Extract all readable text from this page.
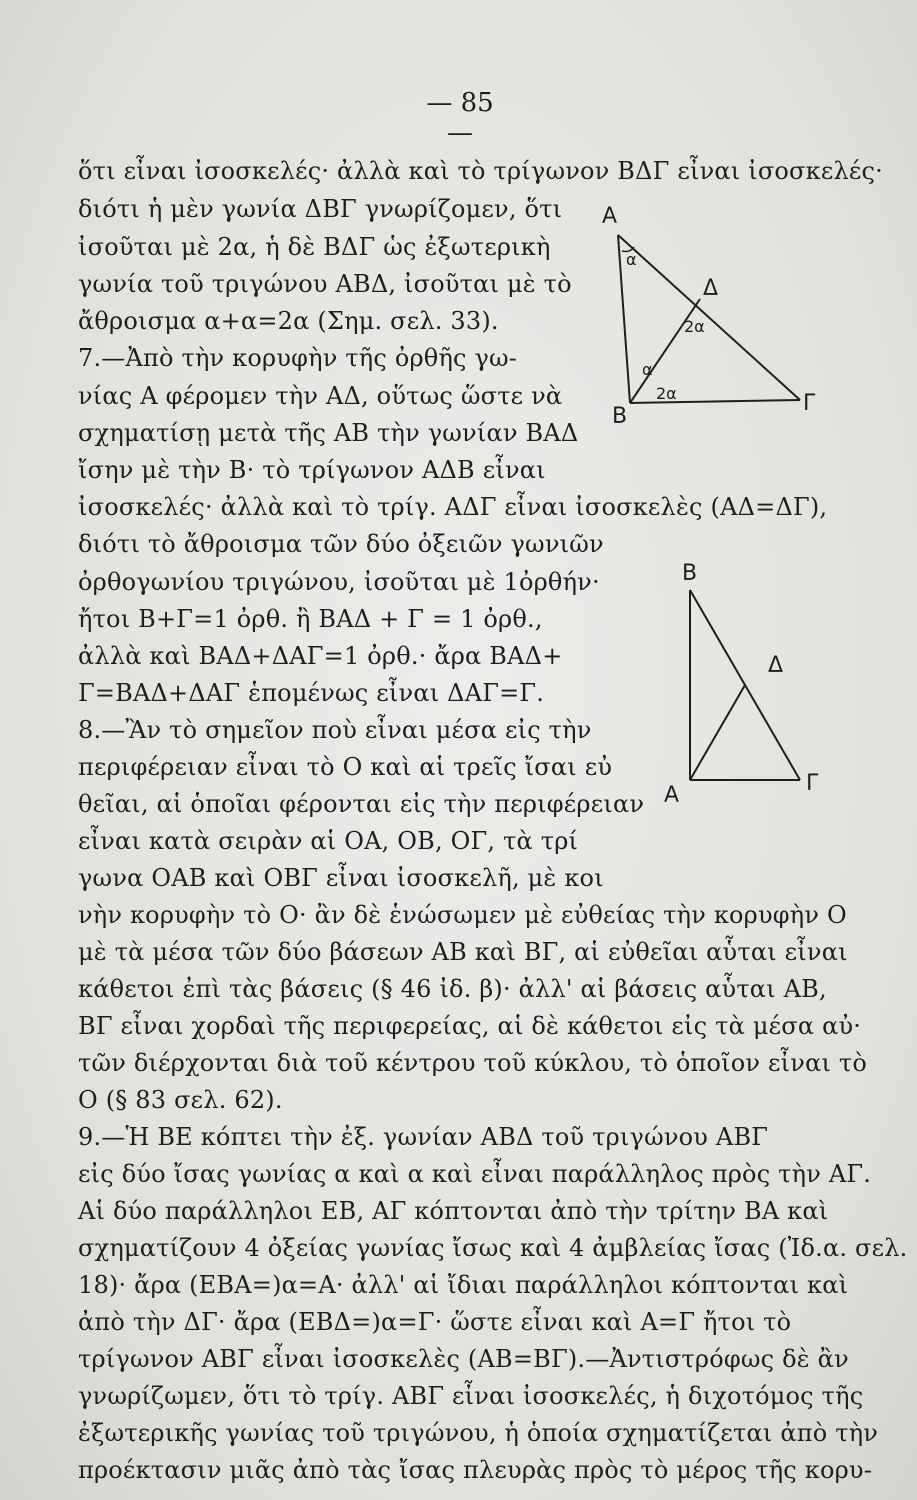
— 85 —
ὅτι εἶναι ἰσοσκελές· ἀλλὰ καὶ τὸ τρίγωνον ΒΔΓ εἶναι ἰσοσκελές·
διότι ἡ μὲν γωνία ΔΒΓ γνωρίζομεν, ὅτι
ἰσοῦται μὲ 2α, ἡ δὲ ΒΔΓ ὡς ἐξωτερικὴ
γωνία τοῦ τριγώνου ΑΒΔ, ἰσοῦται μὲ τὸ
ἄθροισμα α+α=2α (Σημ. σελ. 33).
7.—Ἀπὸ τὴν κορυφὴν τῆς ὀρθῆς γω-
νίας Α φέρομεν τὴν ΑΔ, οὕτως ὥστε νὰ
σχηματίσῃ μετὰ τῆς ΑΒ τὴν γωνίαν ΒΑΔ
ἴσην μὲ τὴν Β· τὸ τρίγωνον ΑΔΒ εἶναι
ἰσοσκελές· ἀλλὰ καὶ τὸ τρίγ. ΑΔΓ εἶναι ἰσοσκελὲς (ΑΔ=ΔΓ),
διότι τὸ ἄθροισμα τῶν δύο ὀξειῶν γωνιῶν
ὀρθογωνίου τριγώνου, ἰσοῦται μὲ 1ὀρθήν·
ἤτοι Β+Γ=1 ὀρθ. ἢ ΒΑΔ + Γ = 1 ὀρθ.,
ἀλλὰ καὶ ΒΑΔ+ΔΑΓ=1 ὀρθ.· ἄρα ΒΑΔ+
Γ=ΒΑΔ+ΔΑΓ ἑπομένως εἶναι ΔΑΓ=Γ.
8.—Ἂν τὸ σημεῖον ποὺ εἶναι μέσα εἰς τὴν
περιφέρειαν εἶναι τὸ Ο καὶ αἱ τρεῖς ἴσαι εὐ
θεῖαι, αἱ ὁποῖαι φέρονται εἰς τὴν περιφέρειαν
εἶναι κατὰ σειρὰν αἱ ΟΑ, ΟΒ, ΟΓ, τὰ τρί
γωνα ΟΑΒ καὶ ΟΒΓ εἶναι ἰσοσκελῆ, μὲ κοι
νὴν κορυφὴν τὸ Ο· ἂν δὲ ἑνώσωμεν μὲ εὐθείας τὴν κορυφὴν Ο
μὲ τὰ μέσα τῶν δύο βάσεων ΑΒ καὶ ΒΓ, αἱ εὐθεῖαι αὗται εἶναι
κάθετοι ἐπὶ τὰς βάσεις (§ 46 ἰδ. β)· ἀλλ' αἱ βάσεις αὗται ΑΒ,
ΒΓ εἶναι χορδαὶ τῆς περιφερείας, αἱ δὲ κάθετοι εἰς τὰ μέσα αὐ·
τῶν διέρχονται διὰ τοῦ κέντρου τοῦ κύκλου, τὸ ὁποῖον εἶναι τὸ
Ο (§ 83 σελ. 62).
9.—Ἡ ΒΕ κόπτει τὴν ἐξ. γωνίαν ΑΒΔ τοῦ τριγώνου ΑΒΓ
εἰς δύο ἴσας γωνίας α καὶ α καὶ εἶναι παράλληλος πρὸς τὴν ΑΓ.
Αἱ δύο παράλληλοι ΕΒ, ΑΓ κόπτονται ἀπὸ τὴν τρίτην ΒΑ καὶ
σχηματίζουν 4 ὀξείας γωνίας ἴσως καὶ 4 ἀμβλείας ἴσας (Ἰδ.α. σελ.
18)· ἄρα (ΕΒΑ=)α=Α· ἀλλ' αἱ ἴδιαι παράλληλοι κόπτονται καὶ
ἀπὸ τὴν ΔΓ· ἄρα (ΕΒΔ=)α=Γ· ὥστε εἶναι καὶ Α=Γ ἤτοι τὸ
τρίγωνον ΑΒΓ εἶναι ἰσοσκελὲς (ΑΒ=ΒΓ).—Ἀντιστρόφως δὲ ἂν
γνωρίζωμεν, ὅτι τὸ τρίγ. ΑΒΓ εἶναι ἰσοσκελές, ἡ διχοτόμος τῆς
ἐξωτερικῆς γωνίας τοῦ τριγώνου, ἡ ὁποία σχηματίζεται ἀπὸ τὴν
προέκτασιν μιᾶς ἀπὸ τὰς ἴσας πλευρὰς πρὸς τὸ μέρος τῆς κορυ-
Α
Δ
Β
Γ
α
2α
α
2α
Β
Δ
Α	Γ
